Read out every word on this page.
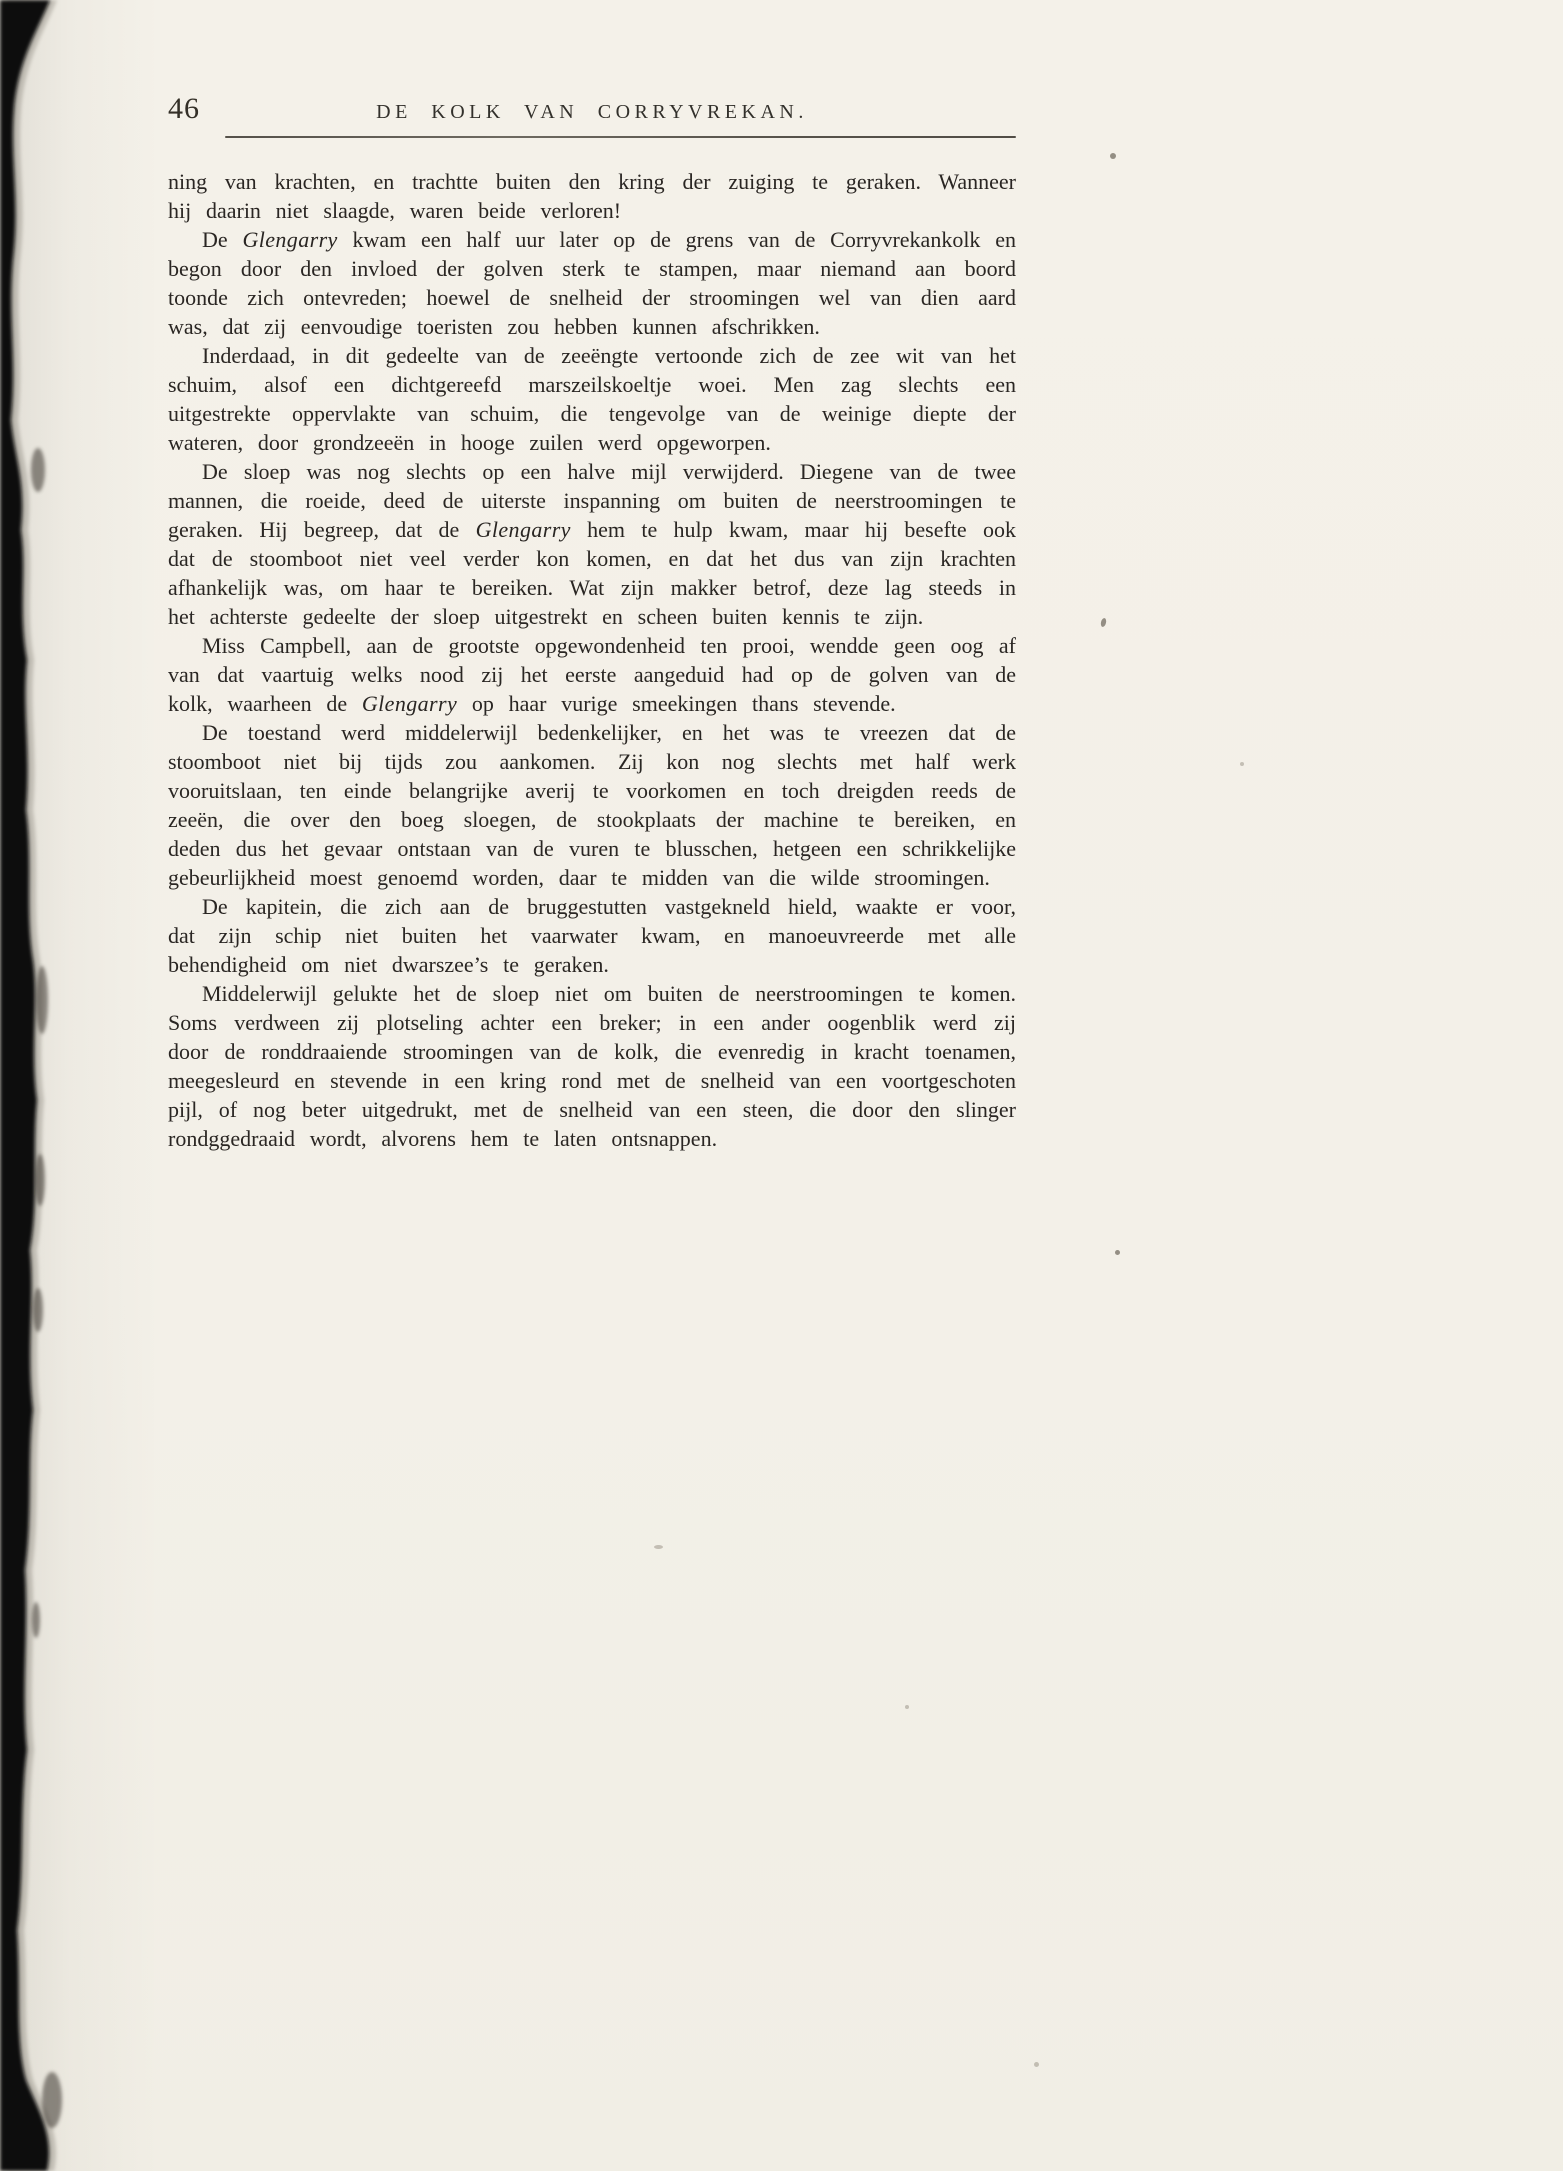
46	DE KOLK VAN CORRYVREKAN.

ning van krachten, en trachtte buiten den kring der zuiging te geraken. Wanneer hij daarin niet slaagde, waren beide verloren!

De Glengarry kwam een half uur later op de grens van de Corryvrekankolk en begon door den invloed der golven sterk te stampen, maar niemand aan boord toonde zich ontevreden; hoewel de snelheid der stroomingen wel van dien aard was, dat zij eenvoudige toeristen zou hebben kunnen afschrikken.

Inderdaad, in dit gedeelte van de zeeëngte vertoonde zich de zee wit van het schuim, alsof een dichtgereefd marszeilskoeltje woei. Men zag slechts een uitgestrekte oppervlakte van schuim, die tengevolge van de weinige diepte der wateren, door grondzeeën in hooge zuilen werd opgeworpen.

De sloep was nog slechts op een halve mijl verwijderd. Diegene van de twee mannen, die roeide, deed de uiterste inspanning om buiten de neerstroomingen te geraken. Hij begreep, dat de Glengarry hem te hulp kwam, maar hij besefte ook dat de stoomboot niet veel verder kon komen, en dat het dus van zijn krachten afhankelijk was, om haar te bereiken. Wat zijn makker betrof, deze lag steeds in het achterste gedeelte der sloep uitgestrekt en scheen buiten kennis te zijn.

Miss Campbell, aan de grootste opgewondenheid ten prooi, wendde geen oog af van dat vaartuig welks nood zij het eerste aangeduid had op de golven van de kolk, waarheen de Glengarry op haar vurige smeekingen thans stevende.

De toestand werd middelerwijl bedenkelijker, en het was te vreezen dat de stoomboot niet bij tijds zou aankomen. Zij kon nog slechts met half werk vooruitslaan, ten einde belangrijke averij te voorkomen en toch dreigden reeds de zeeën, die over den boeg sloegen, de stookplaats der machine te bereiken, en deden dus het gevaar ontstaan van de vuren te blusschen, hetgeen een schrikkelijke gebeurlijkheid moest genoemd worden, daar te midden van die wilde stroomingen.

De kapitein, die zich aan de bruggestutten vastgekneld hield, waakte er voor, dat zijn schip niet buiten het vaarwater kwam, en manoeuvreerde met alle behendigheid om niet dwarszee’s te geraken.

Middelerwijl gelukte het de sloep niet om buiten de neerstroomingen te komen. Soms verdween zij plotseling achter een breker; in een ander oogenblik werd zij door de ronddraaiende stroomingen van de kolk, die evenredig in kracht toenamen, meegesleurd en stevende in een kring rond met de snelheid van een voortgeschoten pijl, of nog beter uitgedrukt, met de snelheid van een steen, die door den slinger rondggedraaid wordt, alvorens hem te laten ontsnappen.
